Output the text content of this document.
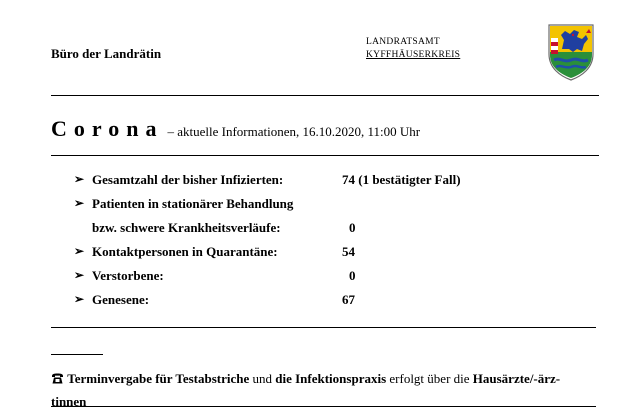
Büro der Landrätin
LANDRATSAMT
KYFFHÄUSERKREIS
Corona – aktuelle Informationen, 16.10.2020, 11:00 Uhr
➢ Gesamtzahl der bisher Infizierten:	74 (1 bestätigter Fall)
➢ Patienten in stationärer Behandlung
bzw. schwere Krankheitsverläufe:	0
➢ Kontaktpersonen in Quarantäne:	54
➢ Verstorbene:	0
➢ Genesene:	67
Terminvergabe für Testabstriche und die Infektionspraxis erfolgt über die Hausärzte/-ärz-
tinnen
